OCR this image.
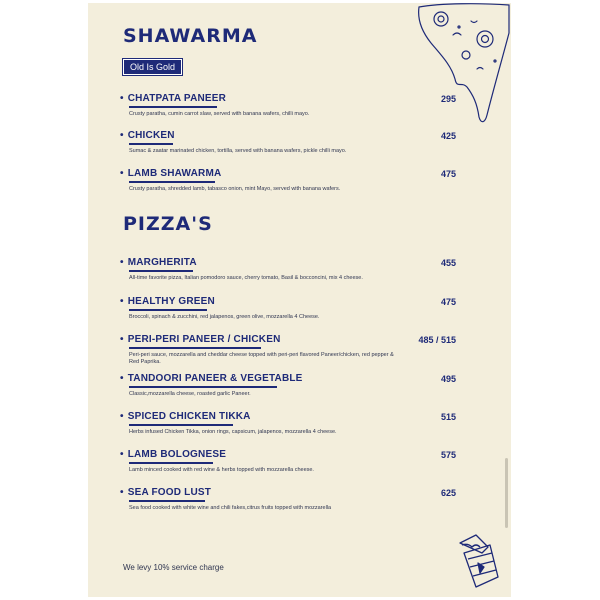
SHAWARMA
Old Is Gold
• CHATPATA PANEER
Crusty paratha, cumin carrot slaw, served with banana wafers, chilli mayo.
295
• CHICKEN
Sumac & zaatar marinated chicken, tortilla, served with banana wafers, pickle chilli mayo.
425
• LAMB SHAWARMA
Crusty paratha, shredded lamb, tabasco onion, mint Mayo, served with banana wafers.
475
PIZZA'S
• MARGHERITA
All-time favorite pizza, Italian pomodoro sauce, cherry tomato, Basil & bocconcini, mix 4 cheese.
455
• HEALTHY GREEN
Broccoli, spinach & zucchini, red jalapenos, green olive, mozzarella 4 Cheese.
475
• PERI-PERI PANEER / CHICKEN
Peri-peri sauce, mozzarella and cheddar cheese topped with peri-peri flavored Paneer/chicken, red pepper & Red Paprika.
485 / 515
• TANDOORI PANEER & VEGETABLE
Classic,mozzarella cheese, roasted garlic Paneer.
495
• SPICED CHICKEN TIKKA
Herbs infused Chicken Tikka, onion rings, capsicum, jalapenos, mozzarella 4 cheese.
515
• LAMB BOLOGNESE
Lamb minced cooked with red wine & herbs topped with mozzarella cheese.
575
• SEA FOOD LUST
Sea food cooked with white wine and chili fakes,citrus fruits topped with mozzarella
625
We levy 10% service charge
